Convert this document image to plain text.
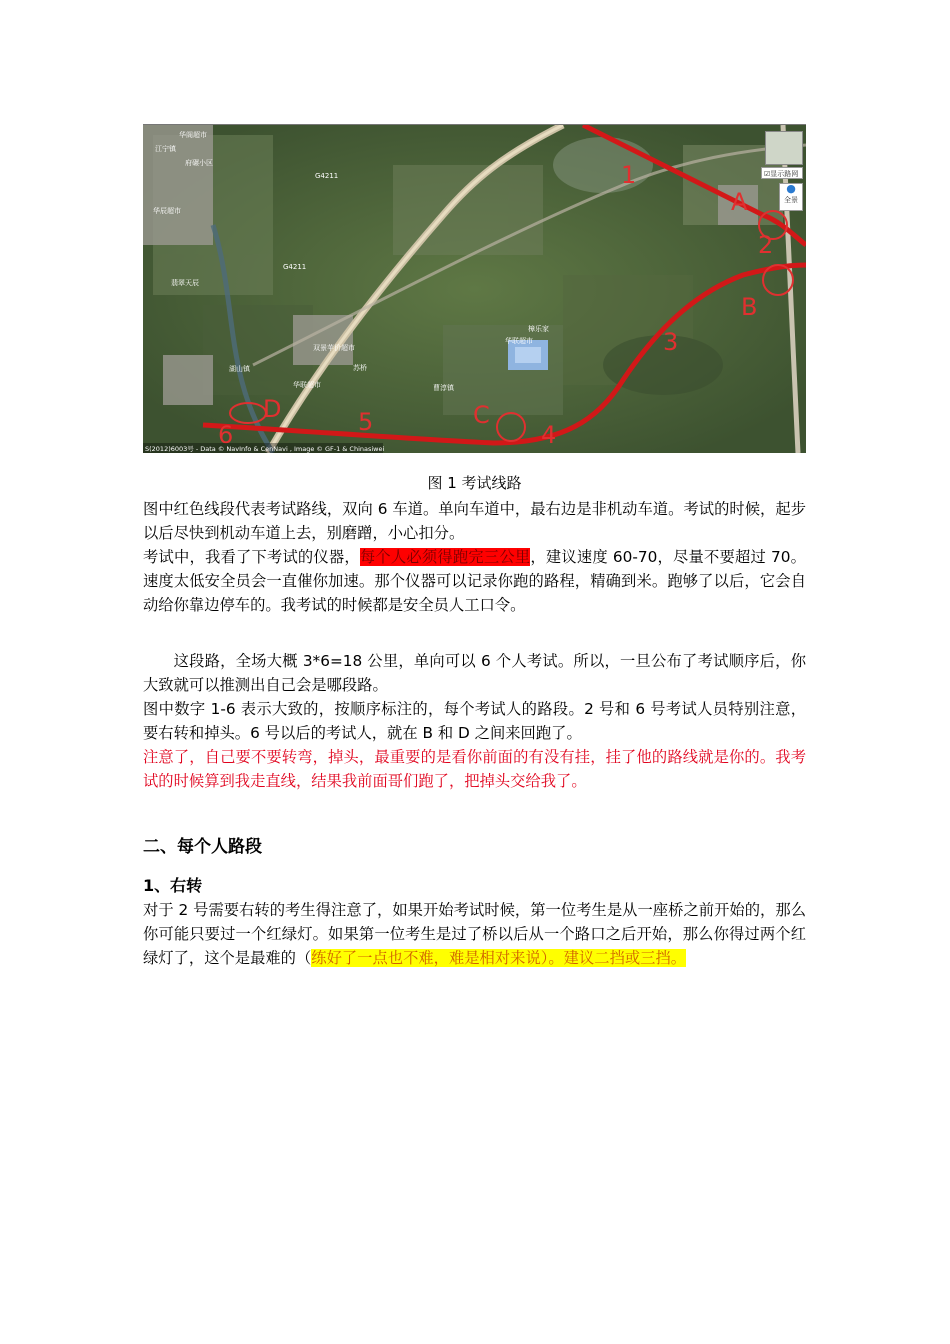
1
A
2
B
3
4
C
5
D
6
江宁镇
华阁超市
府碾小区
华辰超市
翡翠天辰
G4211
G4211
双景苹价超市
华联超市
湖山镇	苏桥
樟乐家
华联超市
曹淳镇
S(2012)6003号 - Data © NavInfo & CenNavi , Image © GF-1 & Chinasiwei
☑显示路网
●
全景
图 1 考试线路

图中红色线段代表考试路线，双向 6 车道。单向车道中，最右边是非机动车道。考试的时候，起步以后尽快到机动车道上去，别磨蹭，小心扣分。

考试中，我看了下考试的仪器，每个人必须得跑完三公里，建议速度 60-70，尽量不要超过 70。速度太低安全员会一直催你加速。那个仪器可以记录你跑的路程，精确到米。跑够了以后，它会自动给你靠边停车的。我考试的时候都是安全员人工口令。

这段路，全场大概 3*6=18 公里，单向可以 6 个人考试。所以，一旦公布了考试顺序后，你大致就可以推测出自己会是哪段路。

图中数字 1-6 表示大致的，按顺序标注的，每个考试人的路段。2 号和 6 号考试人员特别注意，要右转和掉头。6 号以后的考试人，就在 B 和 D 之间来回跑了。

注意了，自己要不要转弯，掉头，最重要的是看你前面的有没有挂，挂了他的路线就是你的。我考试的时候算到我走直线，结果我前面哥们跑了，把掉头交给我了。

二、每个人路段
1、右转

对于 2 号需要右转的考生得注意了，如果开始考试时候，第一位考生是从一座桥之前开始的，那么你可能只要过一个红绿灯。如果第一位考生是过了桥以后从一个路口之后开始，那么你得过两个红绿灯了，这个是最难的（练好了一点也不难，难是相对来说）。建议二挡或三挡。
